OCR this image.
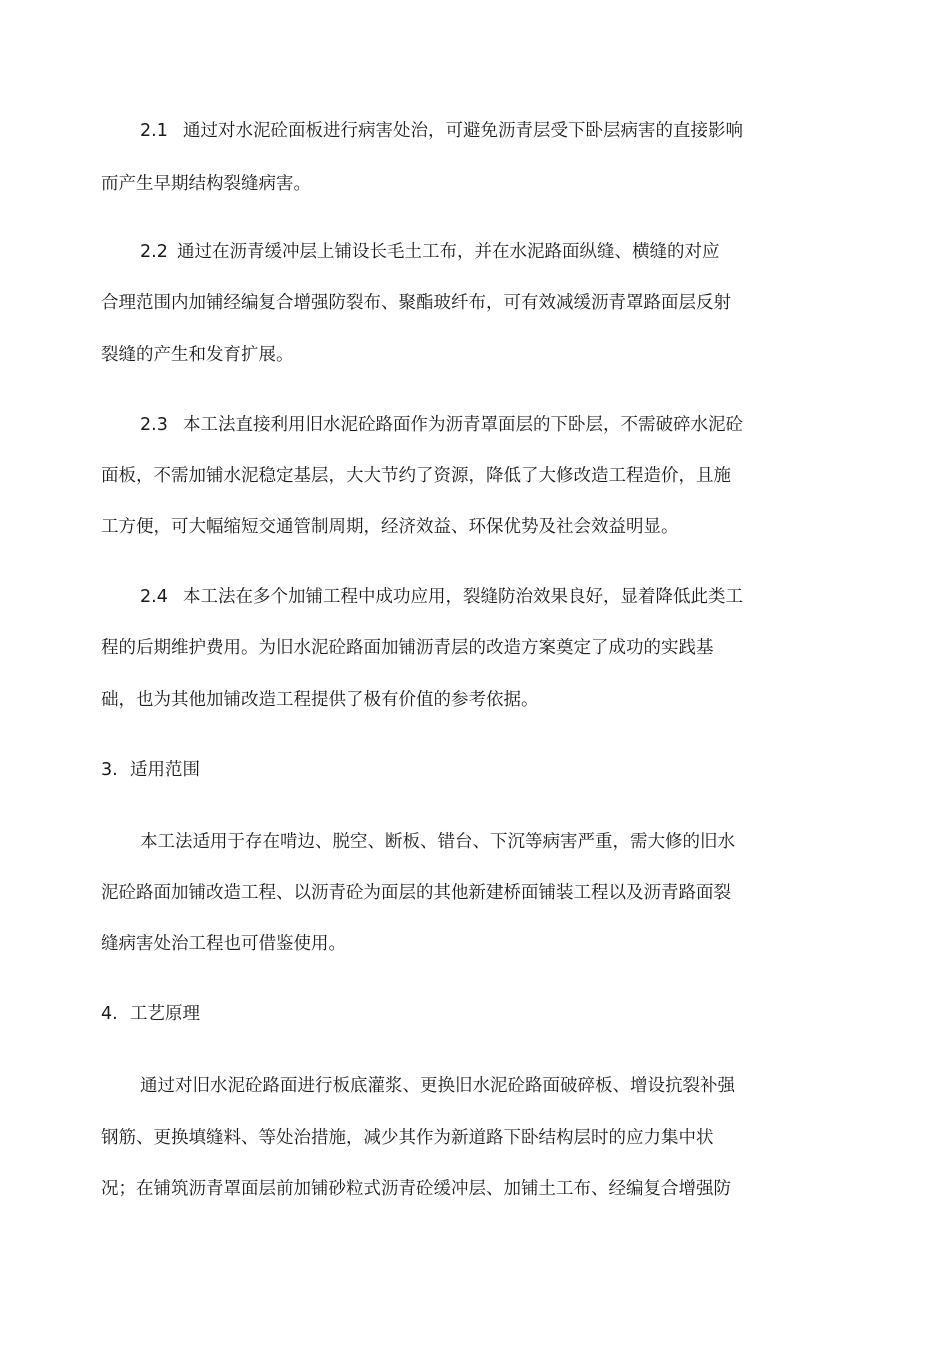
2.1 通过对水泥砼面板进行病害处治，可避免沥青层受下卧层病害的直接影响

而产生早期结构裂缝病害。

2.2 通过在沥青缓冲层上铺设长毛土工布，并在水泥路面纵缝、横缝的对应

合理范围内加铺经编复合增强防裂布、聚酯玻纤布，可有效减缓沥青罩路面层反射

裂缝的产生和发育扩展。

2.3 本工法直接利用旧水泥砼路面作为沥青罩面层的下卧层，不需破碎水泥砼

面板，不需加铺水泥稳定基层，大大节约了资源，降低了大修改造工程造价，且施

工方便，可大幅缩短交通管制周期，经济效益、环保优势及社会效益明显。

2.4 本工法在多个加铺工程中成功应用，裂缝防治效果良好，显着降低此类工

程的后期维护费用。为旧水泥砼路面加铺沥青层的改造方案奠定了成功的实践基

础，也为其他加铺改造工程提供了极有价值的参考依据。

3. 适用范围

本工法适用于存在啃边、脱空、断板、错台、下沉等病害严重，需大修的旧水

泥砼路面加铺改造工程、以沥青砼为面层的其他新建桥面铺装工程以及沥青路面裂

缝病害处治工程也可借鉴使用。

4. 工艺原理

通过对旧水泥砼路面进行板底灌浆、更换旧水泥砼路面破碎板、增设抗裂补强

钢筋、更换填缝料、等处治措施，减少其作为新道路下卧结构层时的应力集中状

况；在铺筑沥青罩面层前加铺砂粒式沥青砼缓冲层、加铺土工布、经编复合增强防
